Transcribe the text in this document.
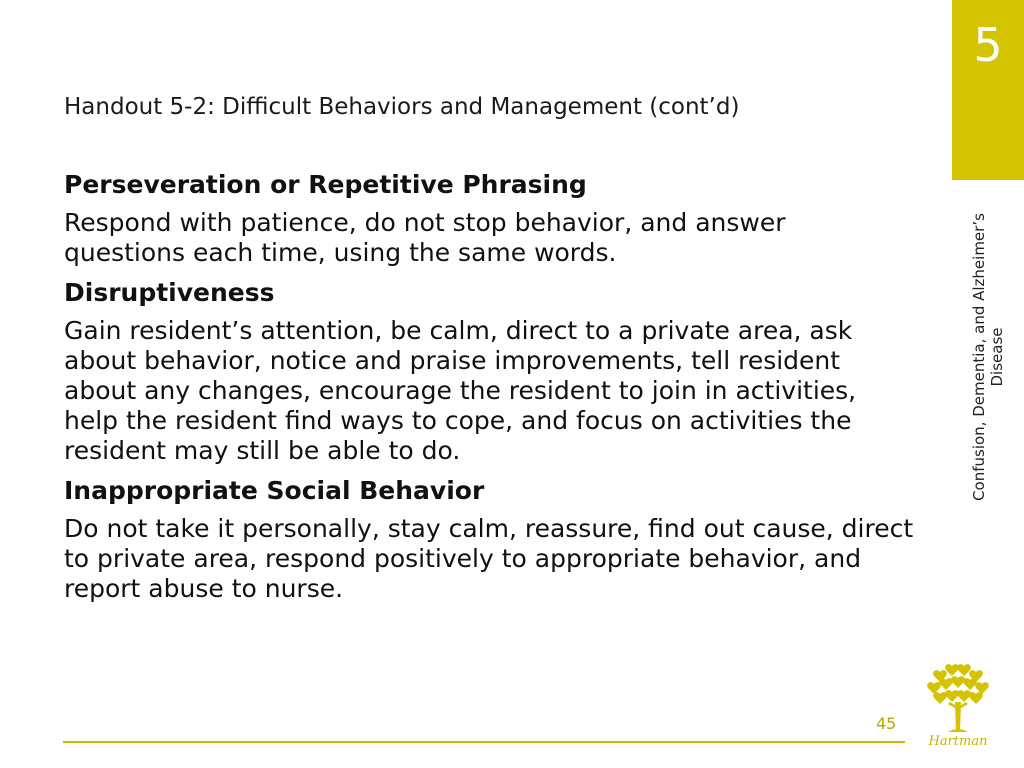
5
Confusion, Dementia, and Alzheimer’s Disease
Handout 5-2: Difficult Behaviors and Management (cont’d)

Perseveration or Repetitive Phrasing

Respond with patience, do not stop behavior, and answer questions each time, using the same words.

Disruptiveness

Gain resident’s attention, be calm, direct to a private area, ask about behavior, notice and praise improvements, tell resident about any changes, encourage the resident to join in activities, help the resident find ways to cope, and focus on activities the resident may still be able to do.

Inappropriate Social Behavior

Do not take it personally, stay calm, reassure, find out cause, direct to private area, respond positively to appropriate behavior, and report abuse to nurse.

45
Hartman
